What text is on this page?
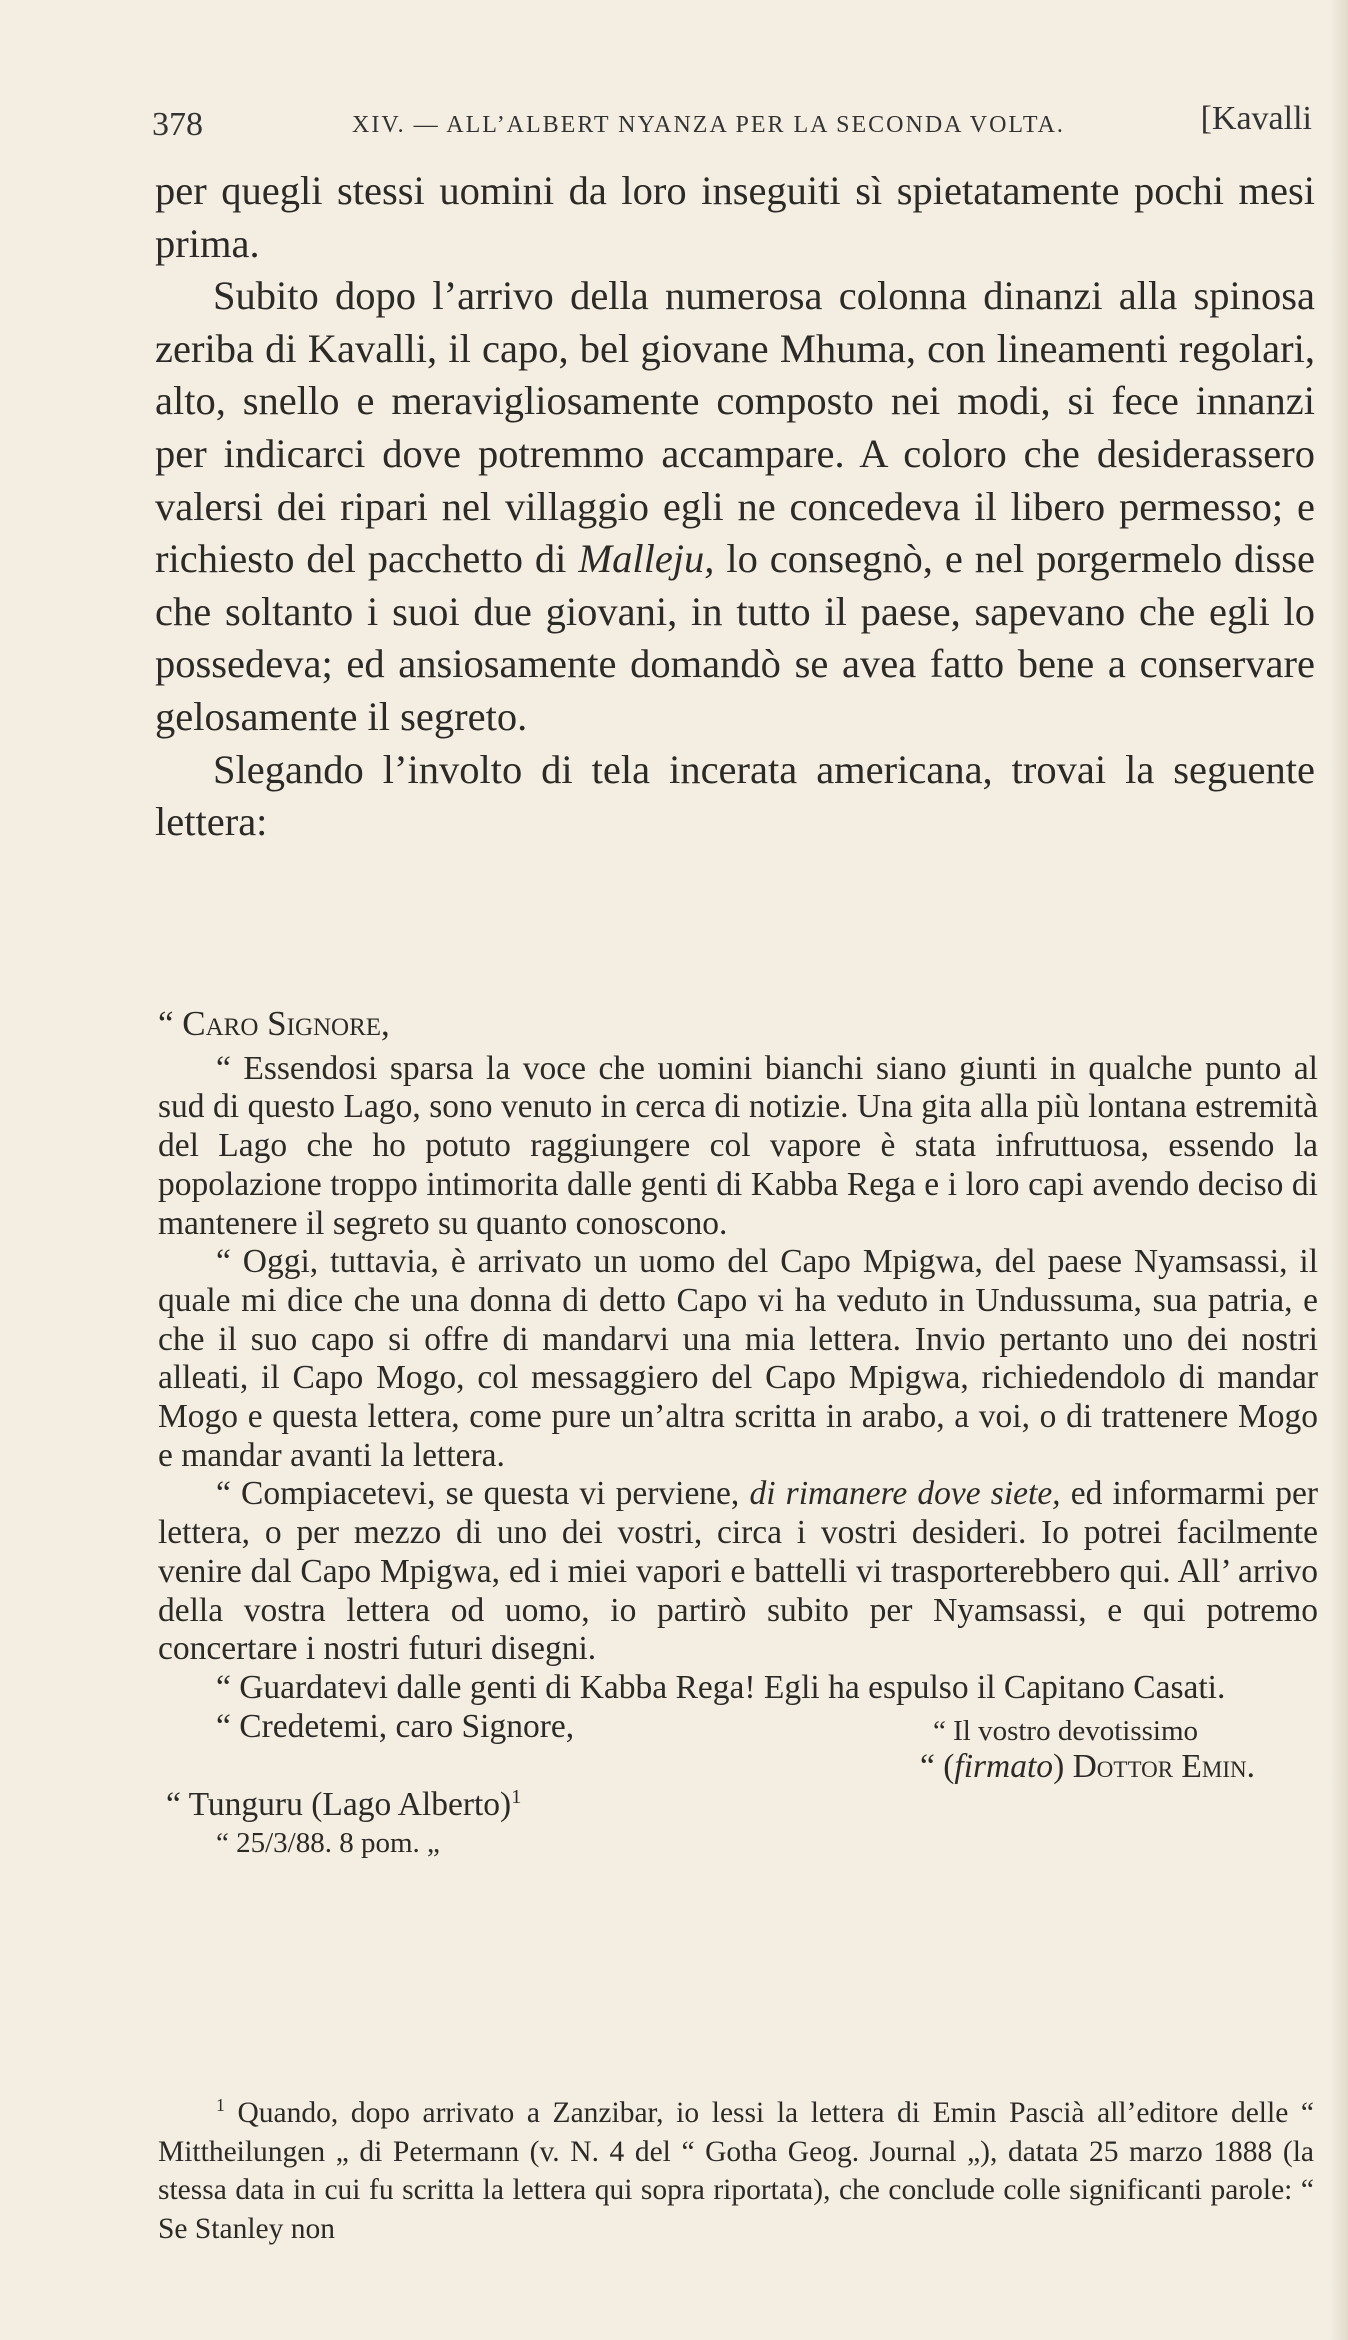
378	XIV. — ALL’ALBERT NYANZA PER LA SECONDA VOLTA.	[Kavalli

per quegli stessi uomini da loro inseguiti sì spietatamente pochi mesi prima.

Subito dopo l’arrivo della numerosa colonna dinanzi alla spinosa zeriba di Kavalli, il capo, bel giovane Mhuma, con lineamenti regolari, alto, snello e meravigliosamente composto nei modi, si fece innanzi per indicarci dove potremmo accampare. A coloro che desiderassero valersi dei ripari nel villaggio egli ne concedeva il libero permesso; e richiesto del pacchetto di Malleju, lo consegnò, e nel porgermelo disse che soltanto i suoi due giovani, in tutto il paese, sapevano che egli lo possedeva; ed ansiosamente domandò se avea fatto bene a conservare gelosamente il segreto.

Slegando l’involto di tela incerata americana, trovai la seguente lettera:

“ Caro Signore,

“ Essendosi sparsa la voce che uomini bianchi siano giunti in qualche punto al sud di questo Lago, sono venuto in cerca di notizie. Una gita alla più lontana estremità del Lago che ho potuto raggiungere col vapore è stata infruttuosa, essendo la popolazione troppo intimorita dalle genti di Kabba Rega e i loro capi avendo deciso di mantenere il segreto su quanto conoscono.

“ Oggi, tuttavia, è arrivato un uomo del Capo Mpigwa, del paese Nyamsassi, il quale mi dice che una donna di detto Capo vi ha veduto in Undussuma, sua patria, e che il suo capo si offre di mandarvi una mia lettera. Invio pertanto uno dei nostri alleati, il Capo Mogo, col messaggiero del Capo Mpigwa, richiedendolo di mandar Mogo e questa lettera, come pure un’altra scritta in arabo, a voi, o di trattenere Mogo e mandar avanti la lettera.

“ Compiacetevi, se questa vi perviene, di rimanere dove siete, ed informarmi per lettera, o per mezzo di uno dei vostri, circa i vostri desideri. Io potrei facilmente venire dal Capo Mpigwa, ed i miei vapori e battelli vi trasporterebbero qui. All’ arrivo della vostra lettera od uomo, io partirò subito per Nyamsassi, e qui potremo concertare i nostri futuri disegni.

“ Guardatevi dalle genti di Kabba Rega! Egli ha espulso il Capitano Casati.

“ Credetemi, caro Signore,	“ Il vostro devotissimo
“ (firmato) Dottor Emin.
“ Tunguru (Lago Alberto)$^1$
“ 25/3/88. 8 pom. „

$^1$ Quando, dopo arrivato a Zanzibar, io lessi la lettera di Emin Pascià all’editore delle “ Mittheilungen „ di Petermann (v. N. 4 del “ Gotha Geog. Journal „), datata 25 marzo 1888 (la stessa data in cui fu scritta la lettera qui sopra riportata), che conclude colle significanti parole: “ Se Stanley non
